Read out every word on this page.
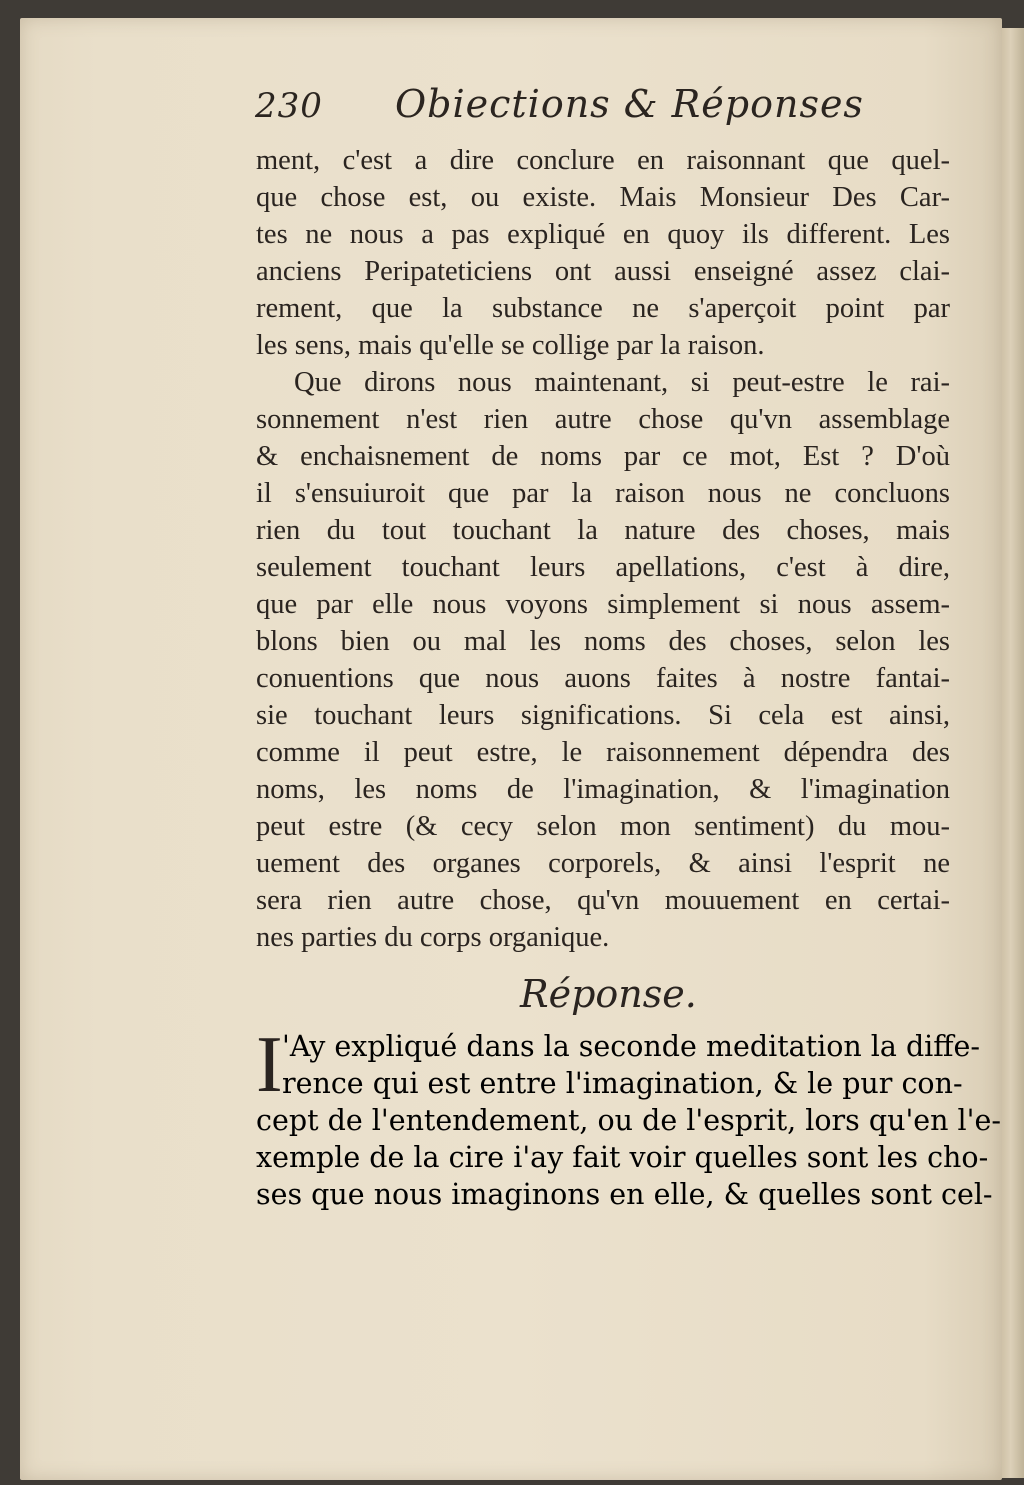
230 Obiections & Réponses
ment, c'est a dire conclure en raisonnant que quel-
que chose est, ou existe. Mais Monsieur Des Car-
tes ne nous a pas expliqué en quoy ils different. Les
anciens Peripateticiens ont aussi enseigné assez clai-
rement, que la substance ne s'aperçoit point par
les sens, mais qu'elle se collige par la raison.
Que dirons nous maintenant, si peut-estre le rai-
sonnement n'est rien autre chose qu'vn assemblage
& enchaisnement de noms par ce mot, Est ? D'où
il s'ensuiuroit que par la raison nous ne concluons
rien du tout touchant la nature des choses, mais
seulement touchant leurs apellations, c'est à dire,
que par elle nous voyons simplement si nous assem-
blons bien ou mal les noms des choses, selon les
conuentions que nous auons faites à nostre fantai-
sie touchant leurs significations. Si cela est ainsi,
comme il peut estre, le raisonnement dépendra des
noms, les noms de l'imagination, & l'imagination
peut estre (& cecy selon mon sentiment) du mou-
uement des organes corporels, & ainsi l'esprit ne
sera rien autre chose, qu'vn mouuement en certai-
nes parties du corps organique.
Réponse.
I 'Ay expliqué dans la seconde meditation la diffe-
rence qui est entre l'imagination, & le pur con-
cept de l'entendement, ou de l'esprit, lors qu'en l'e-
xemple de la cire i'ay fait voir quelles sont les cho-
ses que nous imaginons en elle, & quelles sont cel-
